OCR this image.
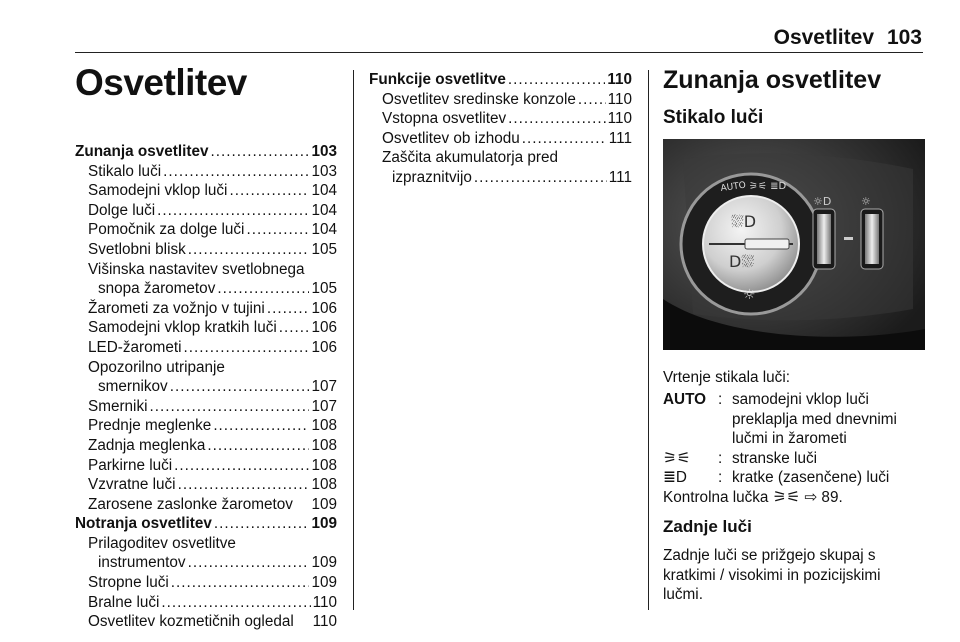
Osvetlitev 103
Osvetlitev
Zunanja osvetlitev .....	103
Stikalo luči .....	103
Samodejni vklop luči .....	104
Dolge luči .....	104
Pomočnik za dolge luči .....	104
Svetlobni blisk .....	105
Višinska nastavitev svetlobnega
snopa žarometov .....	105
Žarometi za vožnjo v tujini .....	106
Samodejni vklop kratkih luči ..... 106
LED-žarometi .....	106
Opozorilno utripanje
smernikov .....	107
Smerniki .....	107
Prednje meglenke .....	108
Zadnja meglenka .....	108
Parkirne luči .....	108
Vzvratne luči .....	108
Zarosene zaslonke žarometov 109
Notranja osvetlitev .....	109
Prilagoditev osvetlitve
instrumentov .....	109
Stropne luči .....	109
Bralne luči .....	110
Osvetlitev kozmetičnih ogledal 110
Funkcije osvetlitve .....	110
Osvetlitev sredinske konzole ..... 110
Vstopna osvetlitev .....	110
Osvetlitev ob izhodu .....	111
Zaščita akumulatorja pred
izpraznitvijo .....	111
Zunanja osvetlitev
Stikalo luči
⛆D
D⛆
AUTO ⚞⚟ ≣D
☼
☼D	☼
Vrtenje stikala luči:
AUTO : samodejni vklop luči preklaplja med dnevnimi lučmi in žarometi
⚞⚟	: stranske luči
≣D	: kratke (zasenčene) luči
Kontrolna lučka ⚞⚟ ⇨ 89.
Zadnje luči
Zadnje luči se prižgejo skupaj s kratkimi / visokimi in pozicijskimi lučmi.
